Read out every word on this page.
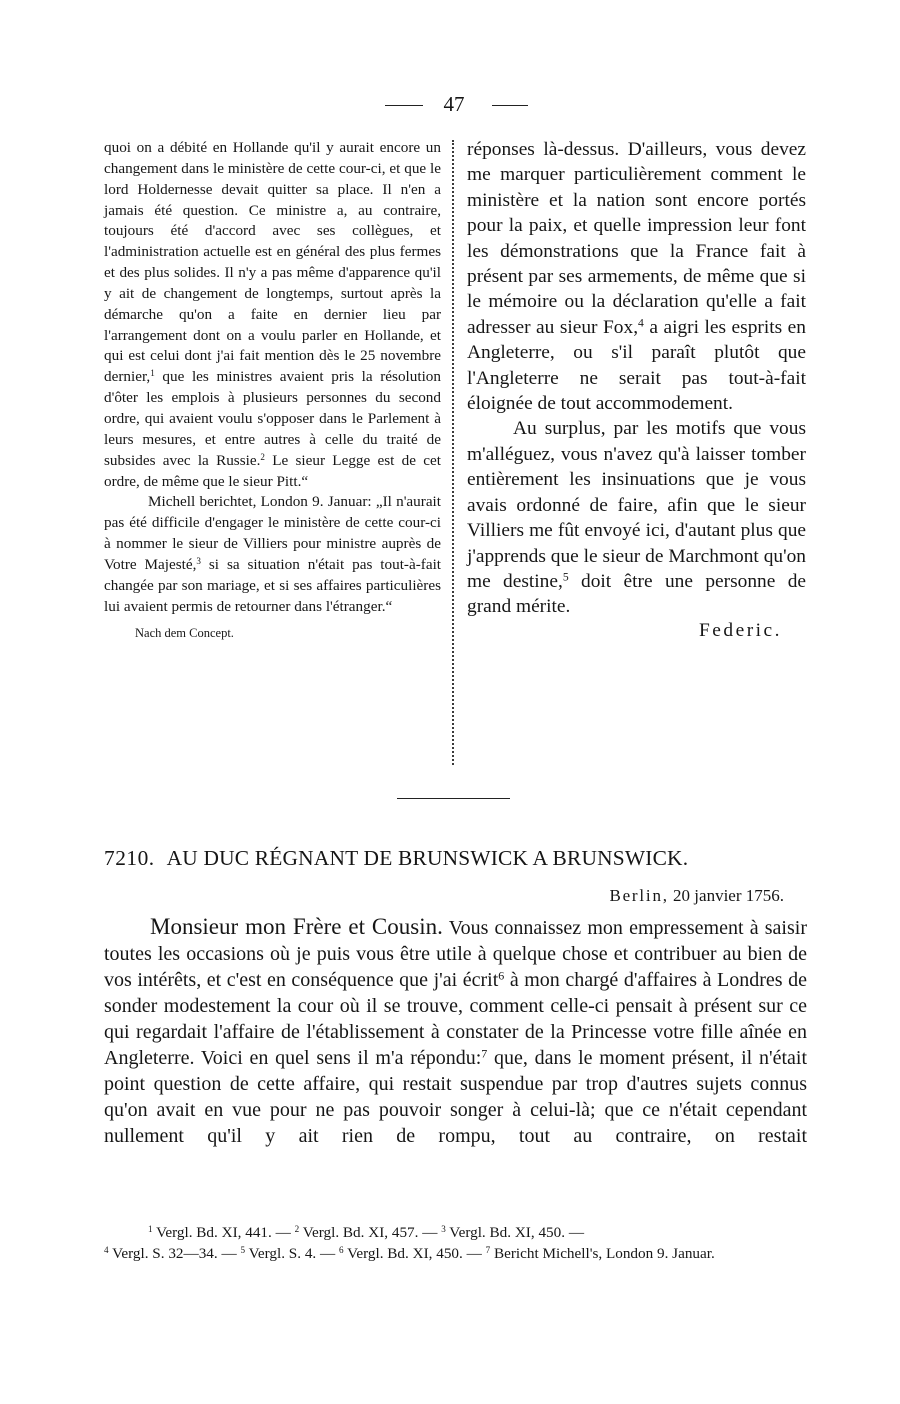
47

quoi on a débité en Hollande qu'il y aurait encore un changement dans le ministère de cette cour-ci, et que le lord Holdernesse devait quitter sa place. Il n'en a jamais été question. Ce ministre a, au contraire, toujours été d'accord avec ses collègues, et l'administration actuelle est en général des plus fermes et des plus solides. Il n'y a pas même d'apparence qu'il y ait de changement de longtemps, surtout après la démarche qu'on a faite en dernier lieu par l'arrangement dont on a voulu parler en Hollande, et qui est celui dont j'ai fait mention dès le 25 novembre dernier,$^1$ que les ministres avaient pris la résolution d'ôter les emplois à plusieurs personnes du second ordre, qui avaient voulu s'opposer dans le Parlement à leurs mesures, et entre autres à celle du traité de subsides avec la Russie.$^2$ Le sieur Legge est de cet ordre, de même que le sieur Pitt.“

Michell berichtet, London 9. Januar: „Il n'aurait pas été difficile d'engager le ministère de cette cour-ci à nommer le sieur de Villiers pour ministre auprès de Votre Majesté,$^3$ si sa situation n'était pas tout-à-fait changée par son mariage, et si ses affaires particulières lui avaient permis de retourner dans l'étranger.“

Nach dem Concept.

réponses là-dessus. D'ailleurs, vous devez me marquer particulièrement comment le ministère et la nation sont encore portés pour la paix, et quelle impression leur font les démonstrations que la France fait à présent par ses armements, de même que si le mémoire ou la déclaration qu'elle a fait adresser au sieur Fox,$^4$ a aigri les esprits en Angleterre, ou s'il paraît plutôt que l'Angleterre ne serait pas tout-à-fait éloignée de tout accommodement.

Au surplus, par les motifs que vous m'alléguez, vous n'avez qu'à laisser tomber entièrement les insinuations que je vous avais ordonné de faire, afin que le sieur Villiers me fût envoyé ici, d'autant plus que j'apprends que le sieur de Marchmont qu'on me destine,$^5$ doit être une personne de grand mérite.

Federic.
7210. AU DUC RÉGNANT DE BRUNSWICK A BRUNSWICK.
Berlin, 20 janvier 1756.

Monsieur mon Frère et Cousin. Vous connaissez mon empressement à saisir toutes les occasions où je puis vous être utile à quelque chose et contribuer au bien de vos intérêts, et c'est en conséquence que j'ai écrit$^6$ à mon chargé d'affaires à Londres de sonder modestement la cour où il se trouve, comment celle-ci pensait à présent sur ce qui regardait l'affaire de l'établissement à constater de la Princesse votre fille aînée en Angleterre. Voici en quel sens il m'a répondu:$^7$ que, dans le moment présent, il n'était point question de cette affaire, qui restait suspendue par trop d'autres sujets connus qu'on avait en vue pour ne pas pouvoir songer à celui-là; que ce n'était cependant nullement qu'il y ait rien de rompu, tout au contraire, on restait

$^1$ Vergl. Bd. XI, 441. — $^2$ Vergl. Bd. XI, 457. — $^3$ Vergl. Bd. XI, 450. —
$^4$ Vergl. S. 32—34. — $^5$ Vergl. S. 4. — $^6$ Vergl. Bd. XI, 450. — $^7$ Bericht Michell's, London 9. Januar.
